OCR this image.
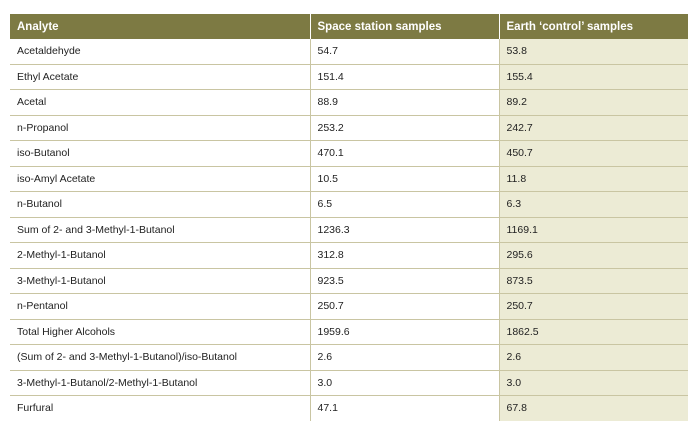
Analyte	Space station samples	Earth ‘control’ samples
Acetaldehyde	54.7	53.8
Ethyl Acetate	151.4	155.4
Acetal	88.9	89.2
n-Propanol	253.2	242.7
iso-Butanol	470.1	450.7
iso-Amyl Acetate	10.5	11.8
n-Butanol	6.5	6.3
Sum of 2- and 3-Methyl-1-Butanol	1236.3	1169.1
2-Methyl-1-Butanol	312.8	295.6
3-Methyl-1-Butanol	923.5	873.5
n-Pentanol	250.7	250.7
Total Higher Alcohols	1959.6	1862.5
(Sum of 2- and 3-Methyl-1-Butanol)/iso-Butanol	2.6	2.6
3-Methyl-1-Butanol/2-Methyl-1-Butanol	3.0	3.0
Furfural	47.1	67.8
